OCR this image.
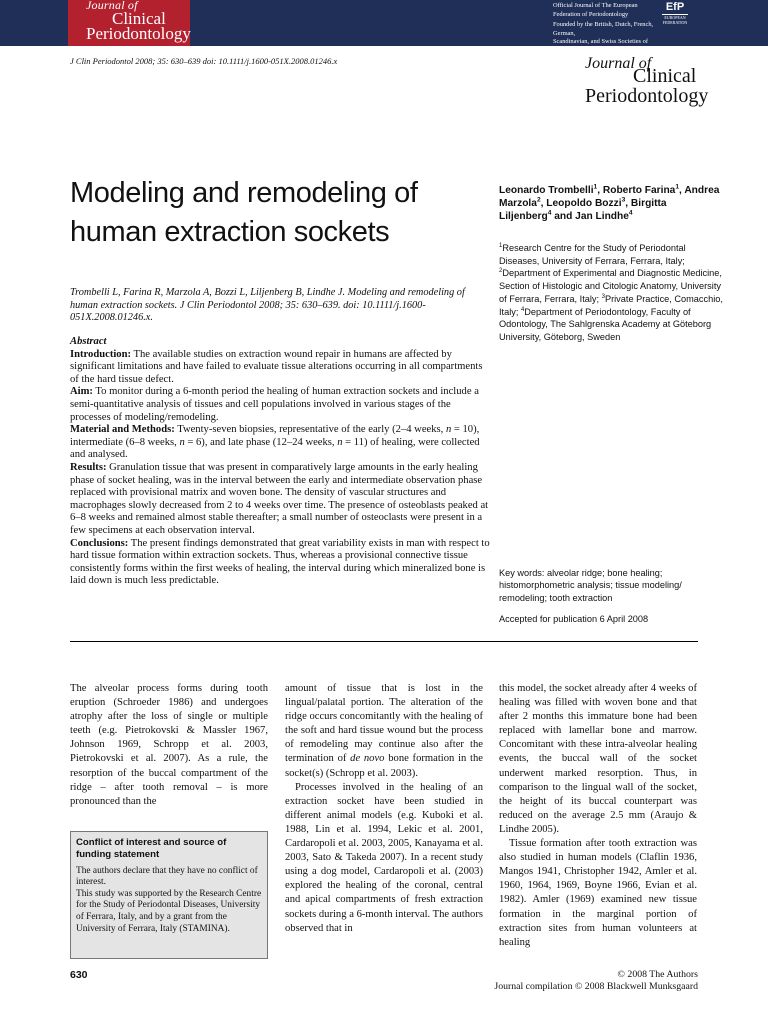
Journal of
Clinical
Periodontology
Official Journal of The European
Federation of Periodontology
Founded by the British, Dutch, French, German,
Scandinavian, and Swiss Societies of Periodontology
EfP
EUROPEAN FEDERATION
J Clin Periodontol 2008; 35: 630–639 doi: 10.1111/j.1600-051X.2008.01246.x	Journal of
Clinical
Periodontology
Modeling and remodeling of
human extraction sockets
Leonardo Trombelli$^1$, Roberto Farina$^1$, Andrea Marzola$^2$, Leopoldo Bozzi$^3$, Birgitta Liljenberg$^4$ and Jan Lindhe$^4$
$^1$Research Centre for the Study of Periodontal Diseases, University of Ferrara, Ferrara, Italy; $^2$Department of Experimental and Diagnostic Medicine, Section of Histologic and Citologic Anatomy, University of Ferrara, Ferrara, Italy; $^3$Private Practice, Comacchio, Italy; $^4$Department of Periodontology, Faculty of Odontology, The Sahlgrenska Academy at Göteborg University, Göteborg, Sweden
Trombelli L, Farina R, Marzola A, Bozzi L, Liljenberg B, Lindhe J. Modeling and remodeling of human extraction sockets. J Clin Periodontol 2008; 35: 630–639. doi: 10.1111/j.1600-051X.2008.01246.x.
Abstract

Introduction: The available studies on extraction wound repair in humans are affected by significant limitations and have failed to evaluate tissue alterations occurring in all compartments of the hard tissue defect.

Aim: To monitor during a 6-month period the healing of human extraction sockets and include a semi-quantitative analysis of tissues and cell populations involved in various stages of the processes of modeling/remodeling.

Material and Methods: Twenty-seven biopsies, representative of the early (2–4 weeks, n = 10), intermediate (6–8 weeks, n = 6), and late phase (12–24 weeks, n = 11) of healing, were collected and analysed.

Results: Granulation tissue that was present in comparatively large amounts in the early healing phase of socket healing, was in the interval between the early and intermediate observation phase replaced with provisional matrix and woven bone. The density of vascular structures and macrophages slowly decreased from 2 to 4 weeks over time. The presence of osteoblasts peaked at 6–8 weeks and remained almost stable thereafter; a small number of osteoclasts were present in a few specimens at each observation interval.

Conclusions: The present findings demonstrated that great variability exists in man with respect to hard tissue formation within extraction sockets. Thus, whereas a provisional connective tissue consistently forms within the first weeks of healing, the interval during which mineralized bone is laid down is much less predictable.

Key words: alveolar ridge; bone healing; histomorphometric analysis; tissue modeling/ remodeling; tooth extraction
Accepted for publication 6 April 2008

The alveolar process forms during tooth eruption (Schroeder 1986) and undergoes atrophy after the loss of single or multiple teeth (e.g. Pietrokovski & Massler 1967, Johnson 1969, Schropp et al. 2003, Pietrokovski et al. 2007). As a rule, the resorption of the buccal compartment of the ridge – after tooth removal – is more pronounced than the

Conflict of interest and source of funding statement
The authors declare that they have no conflict of interest.
This study was supported by the Research Centre for the Study of Periodontal Diseases, University of Ferrara, Italy, and by a grant from the University of Ferrara, Italy (STAMINA).

amount of tissue that is lost in the lingual/palatal portion. The alteration of the ridge occurs concomitantly with the healing of the soft and hard tissue wound but the process of remodeling may continue also after the termination of de novo bone formation in the socket(s) (Schropp et al. 2003).

Processes involved in the healing of an extraction socket have been studied in different animal models (e.g. Kuboki et al. 1988, Lin et al. 1994, Lekic et al. 2001, Cardaropoli et al. 2003, 2005, Kanayama et al. 2003, Sato & Takeda 2007). In a recent study using a dog model, Cardaropoli et al. (2003) explored the healing of the coronal, central and apical compartments of fresh extraction sockets during a 6-month interval. The authors observed that in

this model, the socket already after 4 weeks of healing was filled with woven bone and that after 2 months this immature bone had been replaced with lamellar bone and marrow. Concomitant with these intra-alveolar healing events, the buccal wall of the socket underwent marked resorption. Thus, in comparison to the lingual wall of the socket, the height of its buccal counterpart was reduced on the average 2.5 mm (Araujo & Lindhe 2005).

Tissue formation after tooth extraction was also studied in human models (Claflin 1936, Mangos 1941, Christopher 1942, Amler et al. 1960, 1964, 1969, Boyne 1966, Evian et al. 1982). Amler (1969) examined new tissue formation in the marginal portion of extraction sites from human volunteers at healing

630	© 2008 The Authors
Journal compilation © 2008 Blackwell Munksgaard
